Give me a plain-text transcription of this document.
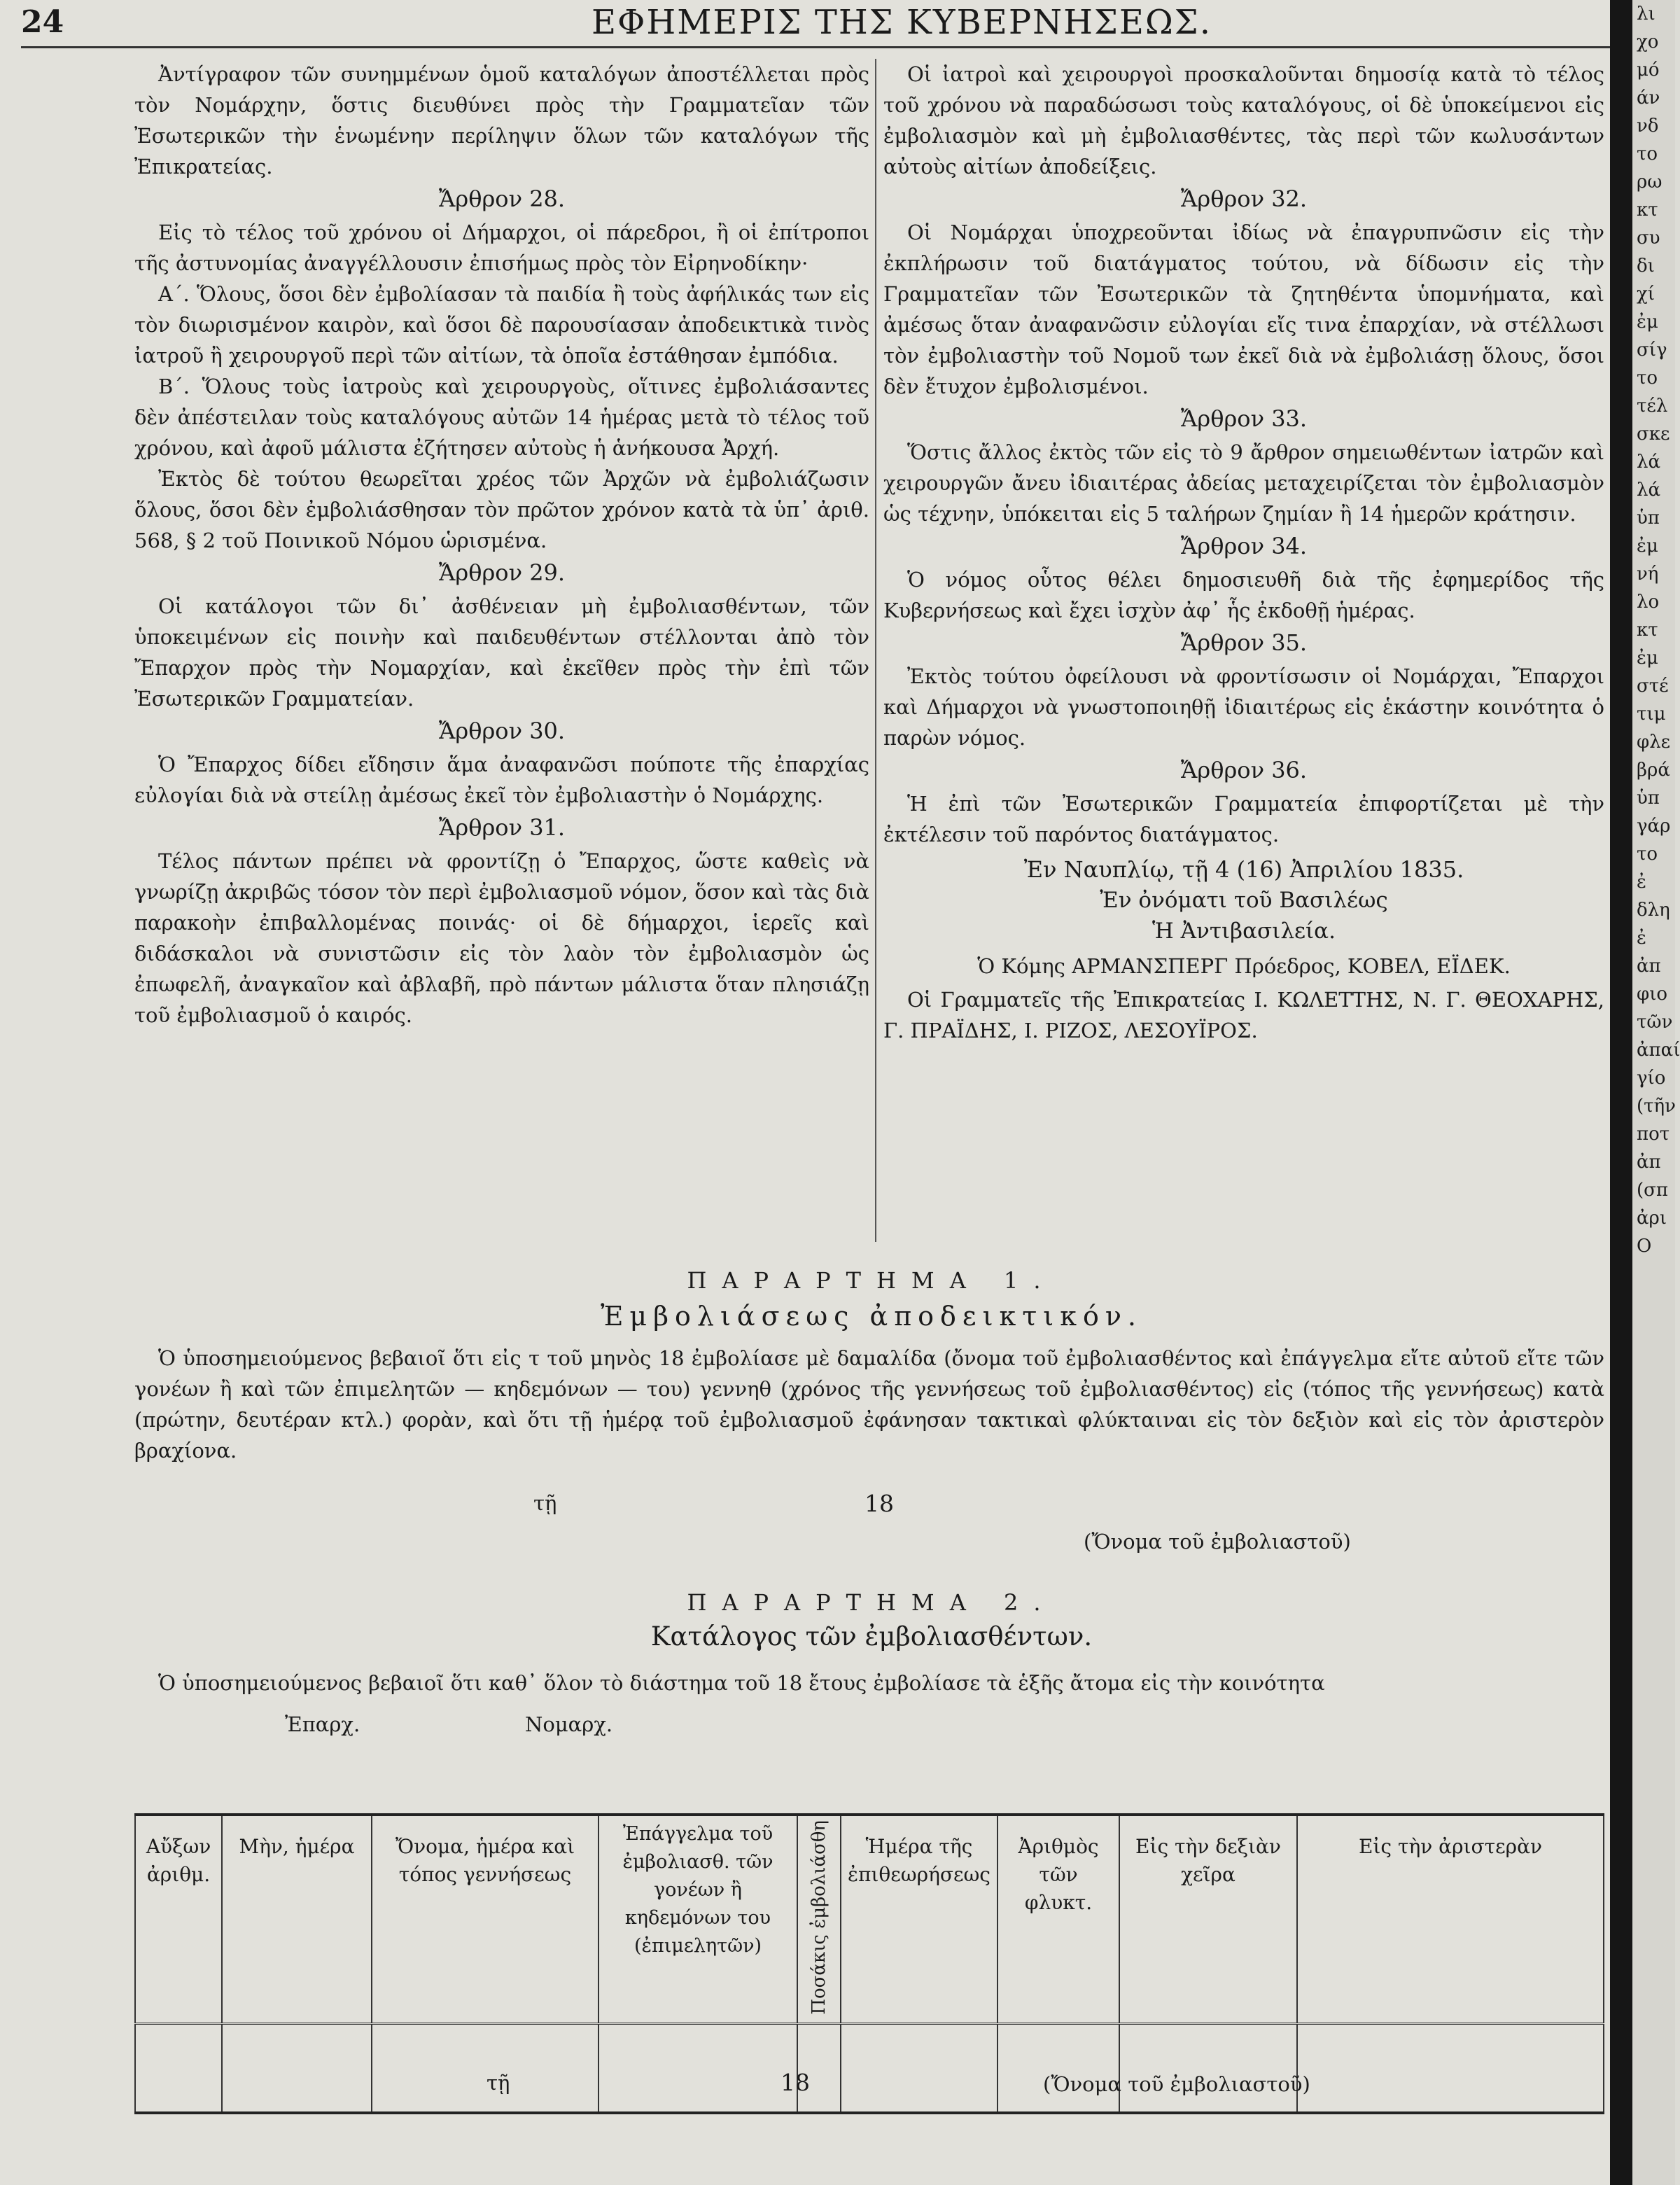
24	ΕΦΗΜΕΡΙΣ ΤΗΣ ΚΥΒΕΡΝΗΣΕΩΣ.

Ἀντίγραφον τῶν συνημμένων ὁμοῦ καταλόγων ἀποστέλλεται πρὸς τὸν Νομάρχην, ὅστις διευθύνει πρὸς τὴν Γραμματεῖαν τῶν Ἐσωτερικῶν τὴν ἑνωμένην περίληψιν ὅλων τῶν καταλόγων τῆς Ἐπικρατείας.

Ἄρθρον 28.

Εἰς τὸ τέλος τοῦ χρόνου οἱ Δήμαρχοι, οἱ πάρεδροι, ἢ οἱ ἐπίτροποι τῆς ἀστυνομίας ἀναγγέλλουσιν ἐπισήμως πρὸς τὸν Εἰρηνοδίκην·

Α΄. Ὅλους, ὅσοι δὲν ἐμβολίασαν τὰ παιδία ἢ τοὺς ἀφήλικάς των εἰς τὸν διωρισμένον καιρὸν, καὶ ὅσοι δὲ παρουσίασαν ἀποδεικτικὰ τινὸς ἰατροῦ ἢ χειρουργοῦ περὶ τῶν αἰτίων, τὰ ὁποῖα ἐστάθησαν ἐμπόδια.

Β΄. Ὅλους τοὺς ἰατροὺς καὶ χειρουργοὺς, οἵτινες ἐμβολιάσαντες δὲν ἀπέστειλαν τοὺς καταλόγους αὐτῶν 14 ἡμέρας μετὰ τὸ τέλος τοῦ χρόνου, καὶ ἀφοῦ μάλιστα ἐζήτησεν αὐτοὺς ἡ ἁνήκουσα Ἀρχή.

Ἐκτὸς δὲ τούτου θεωρεῖται χρέος τῶν Ἀρχῶν νὰ ἐμβολιάζωσιν ὅλους, ὅσοι δὲν ἐμβολιάσθησαν τὸν πρῶτον χρόνον κατὰ τὰ ὑπ᾿ ἀριθ. 568, § 2 τοῦ Ποινικοῦ Νόμου ὡρισμένα.

Ἄρθρον 29.

Οἱ κατάλογοι τῶν δι᾿ ἀσθένειαν μὴ ἐμβολιασθέντων, τῶν ὑποκειμένων εἰς ποινὴν καὶ παιδευθέντων στέλλονται ἀπὸ τὸν Ἔπαρχον πρὸς τὴν Νομαρχίαν, καὶ ἐκεῖθεν πρὸς τὴν ἐπὶ τῶν Ἐσωτερικῶν Γραμματείαν.

Ἄρθρον 30.

Ὁ Ἔπαρχος δίδει εἴδησιν ἅμα ἀναφανῶσι πούποτε τῆς ἐπαρχίας εὐλογίαι διὰ νὰ στείλῃ ἀμέσως ἐκεῖ τὸν ἐμβολιαστὴν ὁ Νομάρχης.

Ἄρθρον 31.

Τέλος πάντων πρέπει νὰ φροντίζῃ ὁ Ἔπαρχος, ὥστε καθεὶς νὰ γνωρίζῃ ἀκριβῶς τόσον τὸν περὶ ἐμβολιασμοῦ νόμον, ὅσον καὶ τὰς διὰ παρακοὴν ἐπιβαλλομένας ποινάς· οἱ δὲ δήμαρχοι, ἱερεῖς καὶ διδάσκαλοι νὰ συνιστῶσιν εἰς τὸν λαὸν τὸν ἐμβολιασμὸν ὡς ἐπωφελῆ, ἀναγκαῖον καὶ ἀβλαβῆ, πρὸ πάντων μάλιστα ὅταν πλησιάζῃ τοῦ ἐμβολιασμοῦ ὁ καιρός.

Οἱ ἰατροὶ καὶ χειρουργοὶ προσκαλοῦνται δημοσίᾳ κατὰ τὸ τέλος τοῦ χρόνου νὰ παραδώσωσι τοὺς καταλόγους, οἱ δὲ ὑποκείμενοι εἰς ἐμβολιασμὸν καὶ μὴ ἐμβολιασθέντες, τὰς περὶ τῶν κωλυσάντων αὐτοὺς αἰτίων ἀποδείξεις.

Ἄρθρον 32.

Οἱ Νομάρχαι ὑποχρεοῦνται ἰδίως νὰ ἐπαγρυπνῶσιν εἰς τὴν ἐκπλήρωσιν τοῦ διατάγματος τούτου, νὰ δίδωσιν εἰς τὴν Γραμματεῖαν τῶν Ἐσωτερικῶν τὰ ζητηθέντα ὑπομνήματα, καὶ ἀμέσως ὅταν ἀναφανῶσιν εὐλογίαι εἴς τινα ἐπαρχίαν, νὰ στέλλωσι τὸν ἐμβολιαστὴν τοῦ Νομοῦ των ἐκεῖ διὰ νὰ ἐμβολιάσῃ ὅλους, ὅσοι δὲν ἔτυχον ἐμβολισμένοι.

Ἄρθρον 33.

Ὅστις ἄλλος ἐκτὸς τῶν εἰς τὸ 9 ἄρθρον σημειωθέντων ἰατρῶν καὶ χειρουργῶν ἄνευ ἰδιαιτέρας ἀδείας μεταχειρίζεται τὸν ἐμβολιασμὸν ὡς τέχνην, ὑπόκειται εἰς 5 ταλήρων ζημίαν ἢ 14 ἡμερῶν κράτησιν.

Ἄρθρον 34.

Ὁ νόμος οὗτος θέλει δημοσιευθῆ διὰ τῆς ἐφημερίδος τῆς Κυβερνήσεως καὶ ἔχει ἰσχὺν ἀφ᾿ ἧς ἐκδοθῇ ἡμέρας.

Ἄρθρον 35.

Ἐκτὸς τούτου ὀφείλουσι νὰ φροντίσωσιν οἱ Νομάρχαι, Ἔπαρχοι καὶ Δήμαρχοι νὰ γνωστοποιηθῇ ἰδιαιτέρως εἰς ἑκάστην κοινότητα ὁ παρὼν νόμος.

Ἄρθρον 36.

Ἡ ἐπὶ τῶν Ἐσωτερικῶν Γραμματεία ἐπιφορτίζεται μὲ τὴν ἐκτέλεσιν τοῦ παρόντος διατάγματος.

Ἐν Ναυπλίῳ, τῇ 4 (16) Ἀπριλίου 1835.
Ἐν ὀνόματι τοῦ Βασιλέως
Ἡ Ἀντιβασιλεία.
Ὁ Κόμης ΑΡΜΑΝΣΠΕΡΓ Πρόεδρος, ΚΟΒΕΛ, ΕΪΔΕΚ.

Οἱ Γραμματεῖς τῆς Ἐπικρατείας Ι. ΚΩΛΕΤΤΗΣ, Ν. Γ. ΘΕΟΧΑΡΗΣ, Γ. ΠΡΑΪΔΗΣ, Ι. ΡΙΖΟΣ, ΛΕΣΟΥΪΡΟΣ.

ΠΑΡΑΡΤΗΜΑ 1.
Ἐμβολιάσεως ἀποδεικτικόν.
Ὁ ὑποσημειούμενος βεβαιοῖ ὅτι εἰς τ τοῦ μηνὸς 18 ἐμβολίασε μὲ δαμαλίδα (ὄνομα τοῦ ἐμβολιασθέντος καὶ ἐπάγγελμα εἴτε αὐτοῦ εἴτε τῶν γονέων ἢ καὶ τῶν ἐπιμελητῶν — κηδεμόνων — του) γεννηθ (χρόνος τῆς γεννήσεως τοῦ ἐμβολιασθέντος) εἰς (τόπος τῆς γεννήσεως) κατὰ (πρώτην, δευτέραν κτλ.) φορὰν, καὶ ὅτι τῇ ἡμέρᾳ τοῦ ἐμβολιασμοῦ ἐφάνησαν τακτικαὶ φλύκταιναι εἰς τὸν δεξιὸν καὶ εἰς τὸν ἀριστερὸν βραχίονα.
τῇ	18
(Ὄνομα τοῦ ἐμβολιαστοῦ)
ΠΑΡΑΡΤΗΜΑ 2.
Κατάλογος τῶν ἐμβολιασθέντων.
Ὁ ὑποσημειούμενος βεβαιοῖ ὅτι καθ᾿ ὅλον τὸ διάστημα τοῦ 18 ἔτους ἐμβολίασε τὰ ἑξῆς ἄτομα εἰς τὴν κοινότητα
Ἐπαρχ.	Νομαρχ.
Αὔξων ἀριθμ.	Μὴν, ἡμέρα	Ὄνομα, ἡμέρα καὶ τόπος γεννήσεως	Ἐπάγγελμα τοῦ ἐμβολιασθ. τῶν γονέων ἢ κηδεμόνων του (ἐπιμελητῶν)	Ποσάκις ἐμβολιάσθη	Ἡμέρα τῆς ἐπιθεωρήσεως	Ἀριθμὸς τῶν φλυκτ.	Εἰς τὴν δεξιὰν χεῖρα	Εἰς τὴν ἀριστερὰν

τῇ	18	(Ὄνομα τοῦ ἐμβολιαστοῦ)
λι
χο
μό
άν
νδ
το
ρω
κτ
συ
δι
χί
ἐμ
σίγ
το
τέλ
σκε
λά
λά
ὑπ
ἐμ
νή
λο
κτ
ἐμ
στέ
τιμ
φλε
βρά
ὑπ
γάρ
το
ἐ
δλη
ἐ
ἀπ
φιο
τῶν
ἀπαί
γίο
(τῆν
ποτ
ἀπ
(σπ
ἀρι
Ο
